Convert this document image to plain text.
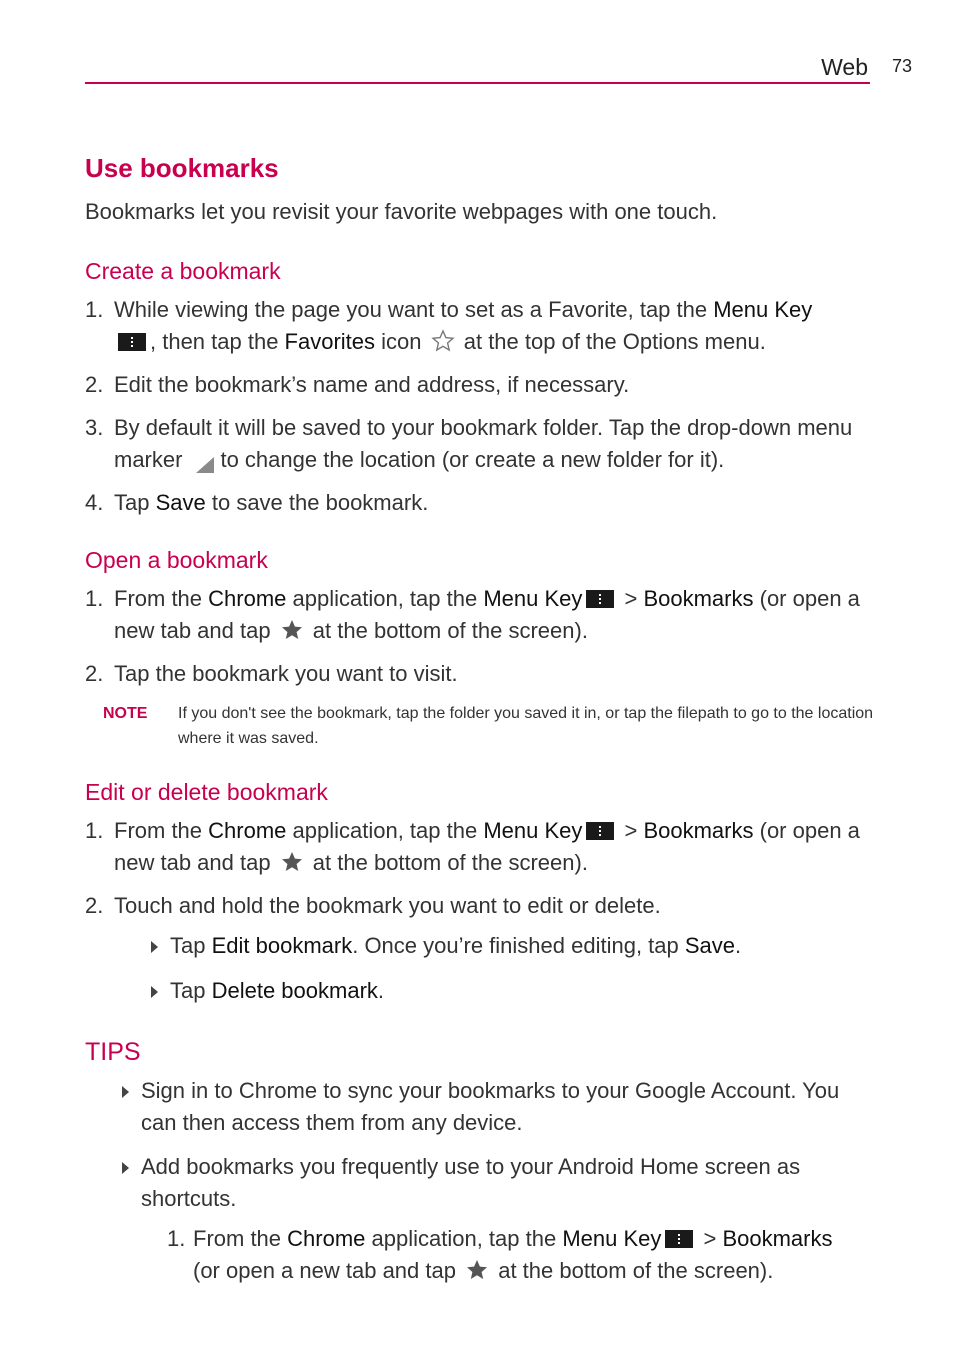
Web 73
Use bookmarks

Bookmarks let you revisit your favorite webpages with one touch.

Create a bookmark
1. While viewing the page you want to set as a Favorite, tap the Menu Key
, then tap the Favorites icon  at the top of the Options menu.
2. Edit the bookmark’s name and address, if necessary.
3. By default it will be saved to your bookmark folder. Tap the drop-down menu marker to change the location (or create a new folder for it).
4. Tap Save to save the bookmark.
Open a bookmark
1. From the Chrome application, tap the Menu Key > Bookmarks (or open a new tab and tap  at the bottom of the screen).
2. Tap the bookmark you want to visit.
NOTE If you don't see the bookmark, tap the folder you saved it in, or tap the filepath to go to the location where it was saved.
Edit or delete bookmark
1. From the Chrome application, tap the Menu Key > Bookmarks (or open a new tab and tap  at the bottom of the screen).
2. Touch and hold the bookmark you want to edit or delete.
Tap Edit bookmark. Once you’re finished editing, tap Save.
Tap Delete bookmark.
TIPS
Sign in to Chrome to sync your bookmarks to your Google Account. You can then access them from any device.
Add bookmarks you frequently use to your Android Home screen as shortcuts.
1. From the Chrome application, tap the Menu Key > Bookmarks
(or open a new tab and tap  at the bottom of the screen).
